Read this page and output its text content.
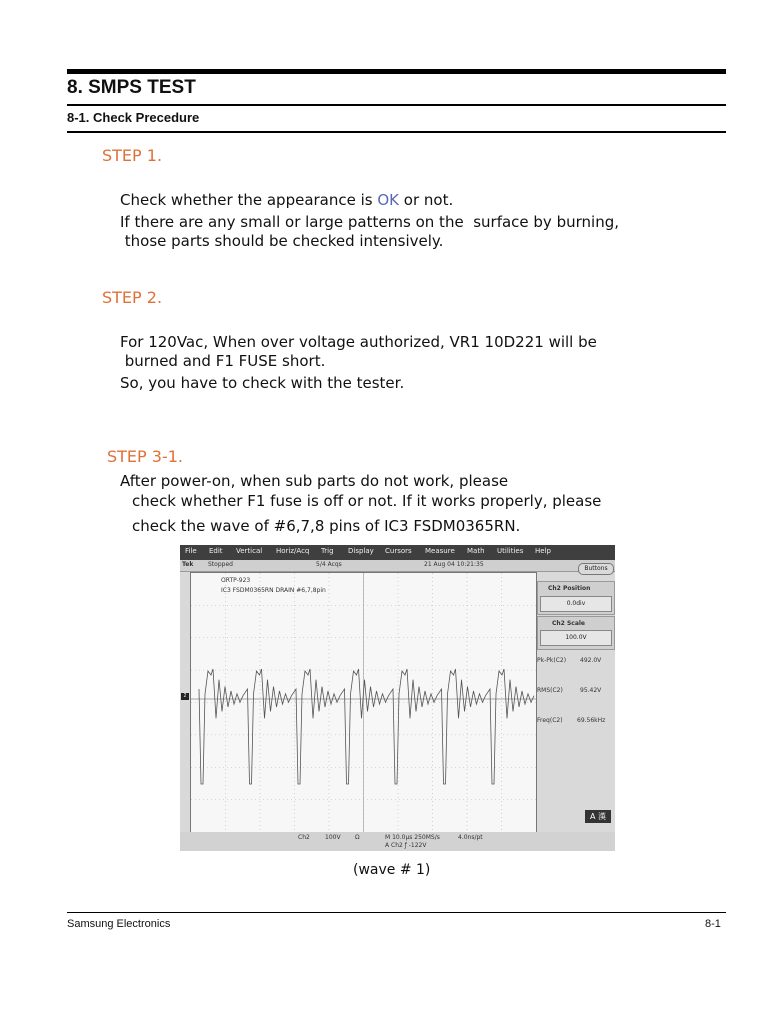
8. SMPS TEST
8-1. Check Precedure
STEP 1.
Check whether the appearance is OK or not.
If there are any small or large patterns on the  surface by burning,
those parts should be checked intensively.
STEP 2.
For 120Vac, When over voltage authorized, VR1 10D221 will be
burned and F1 FUSE short.
So, you have to check with the tester.
STEP 3-1.
After power-on, when sub parts do not work, please
check whether F1 fuse is off or not. If it works properly, please
check the wave of #6,7,8 pins of IC3 FSDM0365RN.
File Edit Vertical Horiz/Acq Trig Display Cursors Measure Math Utilities Help
Tek Stopped	5/4 Acqs	21 Aug 04 10:21:35
Buttons
ORTP-923
IC3 FSDM0365RN DRAIN #6,7,8pin
2
Ch2 Position
0.0div
Ch2 Scale
100.0V
Pk-Pk(C2) 492.0V
RMS(C2)	95.42V
Freq(C2) 69.56kHz
A 漢
Ch2	100V Ω	M 10.0μs 250MS/s
A Ch2 ƒ -122V
4.0ns/pt
(wave # 1)
Samsung Electronics	8-1
